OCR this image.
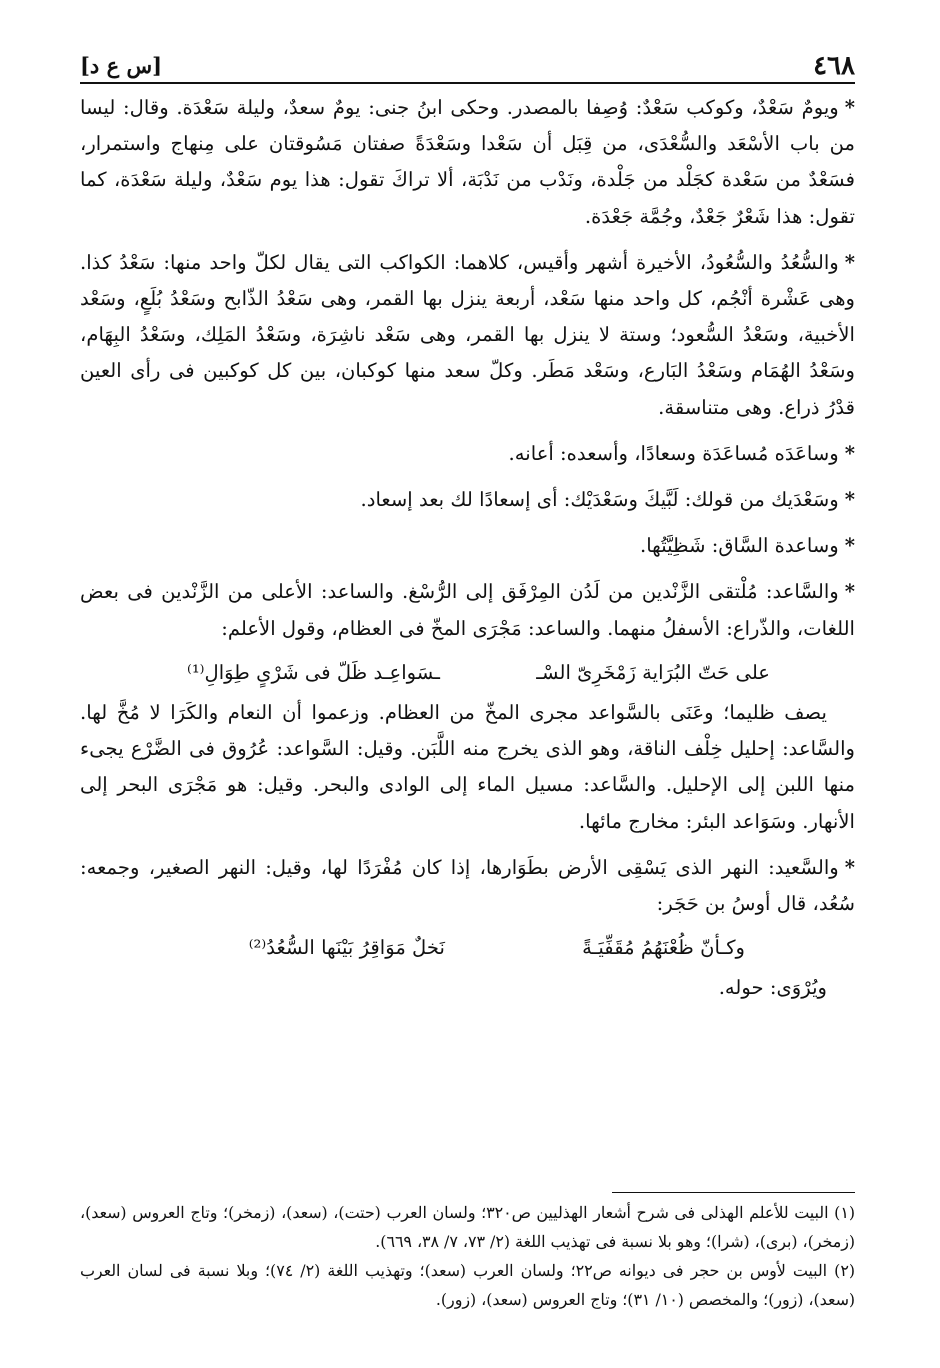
٤٦٨
[س ع د]

*ويومٌ سَعْدٌ، وكوكب سَعْدٌ: وُصِفا بالمصدر. وحكى ابنُ جنى: يومٌ سعدٌ، وليلة سَعْدَة. وقال: ليسا من باب الأسْعَد والسُّعْدَى، من قِبَل أن سَعْدا وسَعْدَةً صفتان مَسُوقتان على مِنهاج واستمرار، فسَعْدٌ من سَعْدة كجَلْد من جَلْدة، ونَدْب من نَدْبَة، ألا تراكَ تقول: هذا يوم سَعْدٌ، وليلة سَعْدَة، كما تقول: هذا شَعْرٌ جَعْدٌ، وجُمَّة جَعْدَة.

*والسُّعُدُ والسُّعُودُ، الأخيرة أشهر وأقيس، كلاهما: الكواكب التى يقال لكلّ واحد منها: سَعْدُ كذا. وهى عَشْرة أنْجُم، كل واحد منها سَعْد، أربعة ينزل بها القمر، وهى سَعْدُ الذّابح وسَعْدُ بُلَعٍ، وسَعْد الأخبية، وسَعْدُ السُّعود؛ وستة لا ينزل بها القمر، وهى سَعْد ناشِرَة، وسَعْدُ المَلِك، وسَعْدُ البِهَام، وسَعْدُ الهُمَام وسَعْدُ البَارع، وسَعْد مَطَر. وكلّ سعد منها كوكبان، بين كل كوكبين فى رأى العين قدْرُ ذراع. وهى متناسقة.

*وساعَدَه مُساعَدَة وسعادًا، وأسعده: أعانه.

*وسَعْدَيك من قولك: لَبَّيكَ وسَعْدَيْك: أى إسعادًا لك بعد إسعاد.

*وساعدة السَّاق: شَظِيَّتُها.

*والسَّاعد: مُلْتقى الزَّنْدين من لَدُن المِرْفَق إلى الرُّسْغ. والساعد: الأعلى من الزَّنْدين فى بعض اللغات، والذّراع: الأسفلُ منهما. والساعد: مَجْرَى المخّ فى العظام، وقول الأعلم:

على حَتّ البُرَاية زَمْخَرِىّ السْـ
ـسَواعِـد ظَلّ فى شَرْىٍ طِوَالِ⁽¹⁾

يصف ظليما؛ وعَنَى بالسَّواعد مجرى المخّ من العظام. وزعموا أن النعام والكَرَا لا مُخَّ لها. والسَّاعد: إحليل خِلْف الناقة، وهو الذى يخرج منه اللَّبَن. وقيل: السَّواعد: عُرُوق فى الضَّرْع يجىء منها اللبن إلى الإحليل. والسَّاعد: مسيل الماء إلى الوادى والبحر. وقيل: هو مَجْرَى البحر إلى الأنهار. وسَوَاعد البئر: مخارج مائها.

*والسَّعيد: النهر الذى يَسْقِى الأرض بطَوَارها، إذا كان مُفْرَدًا لها، وقيل: النهر الصغير، وجمعه: سُعُد، قال أوسُ بن حَجَر:

وكـأنّ ظُعْنَهُمُ مُقَفِّيَـةً
نَخلٌ مَوَاقِرُ بَيْنَها السُّعُدُ⁽²⁾

ويُرْوَى: حوله.

(١) البيت للأعلم الهذلى فى شرح أشعار الهذليين ص٣٢٠؛ ولسان العرب (حتت)، (سعد)، (زمخر)؛ وتاج العروس (سعد)، (زمخر)، (برى)، (شرا)؛ وهو بلا نسبة فى تهذيب اللغة (٢/ ٧٣، ٧/ ٣٨، ٦٦٩).

(٢) البيت لأوس بن حجر فى ديوانه ص٢٢؛ ولسان العرب (سعد)؛ وتهذيب اللغة (٢/ ٧٤)؛ وبلا نسبة فى لسان العرب (سعد)، (زور)؛ والمخصص (١٠/ ٣١)؛ وتاج العروس (سعد)، (زور).
